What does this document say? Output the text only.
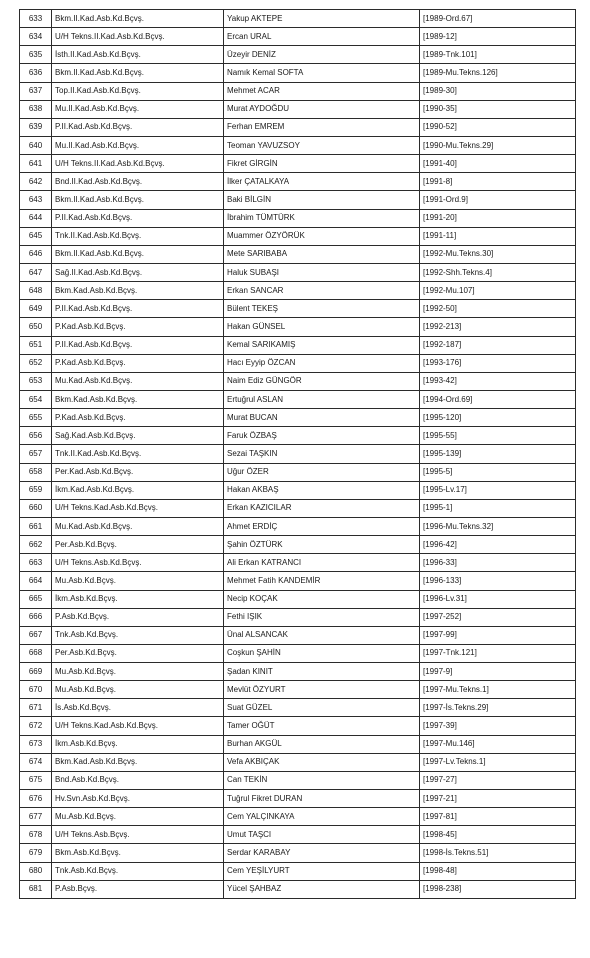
633	Bkm.II.Kad.Asb.Kd.Bçvş.	Yakup AKTEPE	[1989-Ord.67]
634	U/H Tekns.II.Kad.Asb.Kd.Bçvş.	Ercan URAL	[1989-12]
635	İsth.II.Kad.Asb.Kd.Bçvş.	Üzeyir DENİZ	[1989-Tnk.101]
636	Bkm.II.Kad.Asb.Kd.Bçvş.	Namık Kemal SOFTA	[1989-Mu.Tekns.126]
637	Top.II.Kad.Asb.Kd.Bçvş.	Mehmet ACAR	[1989-30]
638	Mu.II.Kad.Asb.Kd.Bçvş.	Murat AYDOĞDU	[1990-35]
639	P.II.Kad.Asb.Kd.Bçvş.	Ferhan EMREM	[1990-52]
640	Mu.II.Kad.Asb.Kd.Bçvş.	Teoman YAVUZSOY	[1990-Mu.Tekns.29]
641	U/H Tekns.II.Kad.Asb.Kd.Bçvş.	Fikret GİRGİN	[1991-40]
642	Bnd.II.Kad.Asb.Kd.Bçvş.	İlker ÇATALKAYA	[1991-8]
643	Bkm.II.Kad.Asb.Kd.Bçvş.	Baki BİLGİN	[1991-Ord.9]
644	P.II.Kad.Asb.Kd.Bçvş.	İbrahim TÜMTÜRK	[1991-20]
645	Tnk.II.Kad.Asb.Kd.Bçvş.	Muammer ÖZYÖRÜK	[1991-11]
646	Bkm.II.Kad.Asb.Kd.Bçvş.	Mete SARIBABA	[1992-Mu.Tekns.30]
647	Sağ.II.Kad.Asb.Kd.Bçvş.	Haluk SUBAŞI	[1992-Shh.Tekns.4]
648	Bkm.Kad.Asb.Kd.Bçvş.	Erkan SANCAR	[1992-Mu.107]
649	P.II.Kad.Asb.Kd.Bçvş.	Bülent TEKEŞ	[1992-50]
650	P.Kad.Asb.Kd.Bçvş.	Hakan GÜNSEL	[1992-213]
651	P.II.Kad.Asb.Kd.Bçvş.	Kemal SARIKAMIŞ	[1992-187]
652	P.Kad.Asb.Kd.Bçvş.	Hacı Eyyip ÖZCAN	[1993-176]
653	Mu.Kad.Asb.Kd.Bçvş.	Naim Ediz GÜNGÖR	[1993-42]
654	Bkm.Kad.Asb.Kd.Bçvş.	Ertuğrul ASLAN	[1994-Ord.69]
655	P.Kad.Asb.Kd.Bçvş.	Murat BUCAN	[1995-120]
656	Sağ.Kad.Asb.Kd.Bçvş.	Faruk ÖZBAŞ	[1995-55]
657	Tnk.II.Kad.Asb.Kd.Bçvş.	Sezai TAŞKIN	[1995-139]
658	Per.Kad.Asb.Kd.Bçvş.	Uğur ÖZER	[1995-5]
659	İkm.Kad.Asb.Kd.Bçvş.	Hakan AKBAŞ	[1995-Lv.17]
660	U/H Tekns.Kad.Asb.Kd.Bçvş.	Erkan KAZICILAR	[1995-1]
661	Mu.Kad.Asb.Kd.Bçvş.	Ahmet ERDİÇ	[1996-Mu.Tekns.32]
662	Per.Asb.Kd.Bçvş.	Şahin ÖZTÜRK	[1996-42]
663	U/H Tekns.Asb.Kd.Bçvş.	Ali Erkan KATRANCI	[1996-33]
664	Mu.Asb.Kd.Bçvş.	Mehmet Fatih KANDEMİR	[1996-133]
665	İkm.Asb.Kd.Bçvş.	Necip KOÇAK	[1996-Lv.31]
666	P.Asb.Kd.Bçvş.	Fethi IŞIK	[1997-252]
667	Tnk.Asb.Kd.Bçvş.	Ünal ALSANCAK	[1997-99]
668	Per.Asb.Kd.Bçvş.	Coşkun ŞAHİN	[1997-Tnk.121]
669	Mu.Asb.Kd.Bçvş.	Şadan KINIT	[1997-9]
670	Mu.Asb.Kd.Bçvş.	Mevlüt ÖZYURT	[1997-Mu.Tekns.1]
671	İs.Asb.Kd.Bçvş.	Suat GÜZEL	[1997-İs.Tekns.29]
672	U/H Tekns.Kad.Asb.Kd.Bçvş.	Tamer OĞÜT	[1997-39]
673	İkm.Asb.Kd.Bçvş.	Burhan AKGÜL	[1997-Mu.146]
674	Bkm.Kad.Asb.Kd.Bçvş.	Vefa AKBIÇAK	[1997-Lv.Tekns.1]
675	Bnd.Asb.Kd.Bçvş.	Can TEKİN	[1997-27]
676	Hv.Svn.Asb.Kd.Bçvş.	Tuğrul Fikret DURAN	[1997-21]
677	Mu.Asb.Kd.Bçvş.	Cem YALÇINKAYA	[1997-81]
678	U/H Tekns.Asb.Bçvş.	Umut TAŞCI	[1998-45]
679	Bkm.Asb.Kd.Bçvş.	Serdar KARABAY	[1998-İs.Tekns.51]
680	Tnk.Asb.Kd.Bçvş.	Cem YEŞİLYURT	[1998-48]
681	P.Asb.Bçvş.	Yücel ŞAHBAZ	[1998-238]
